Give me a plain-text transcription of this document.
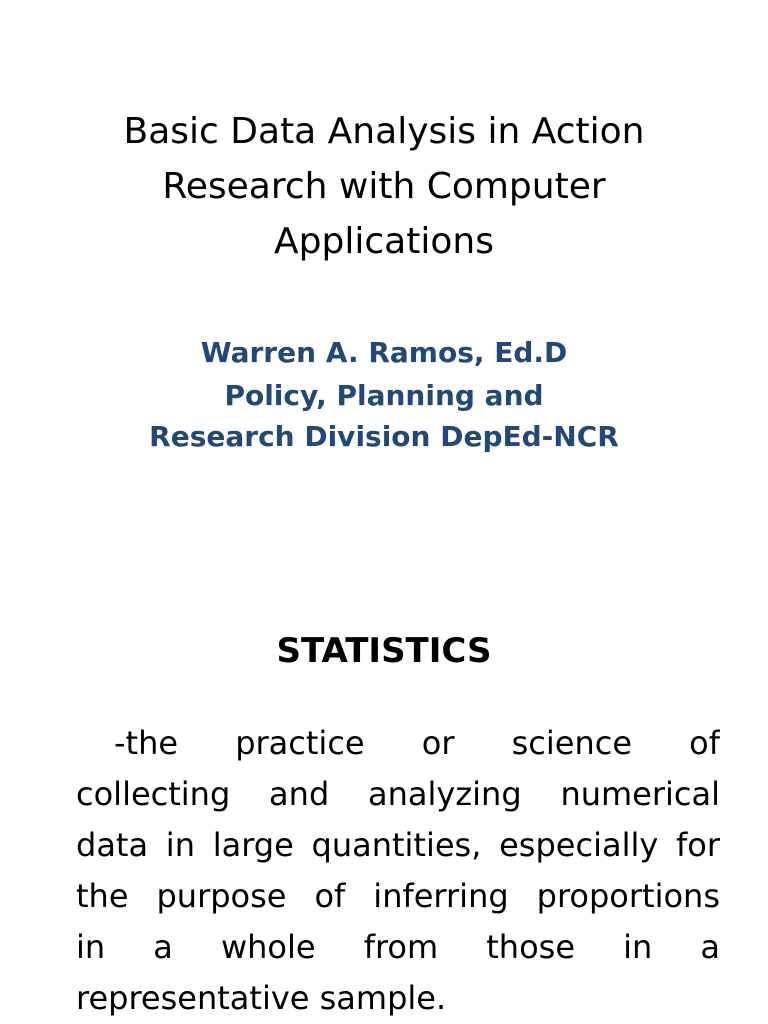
Basic Data Analysis in Action
Research with Computer
Applications
Warren A. Ramos, Ed.D
Policy, Planning and
Research Division DepEd-NCR
STATISTICS

-the practice or science of
collecting and analyzing numerical
data in large quantities, especially for
the purpose of inferring proportions
in a whole from those in a
representative sample.
